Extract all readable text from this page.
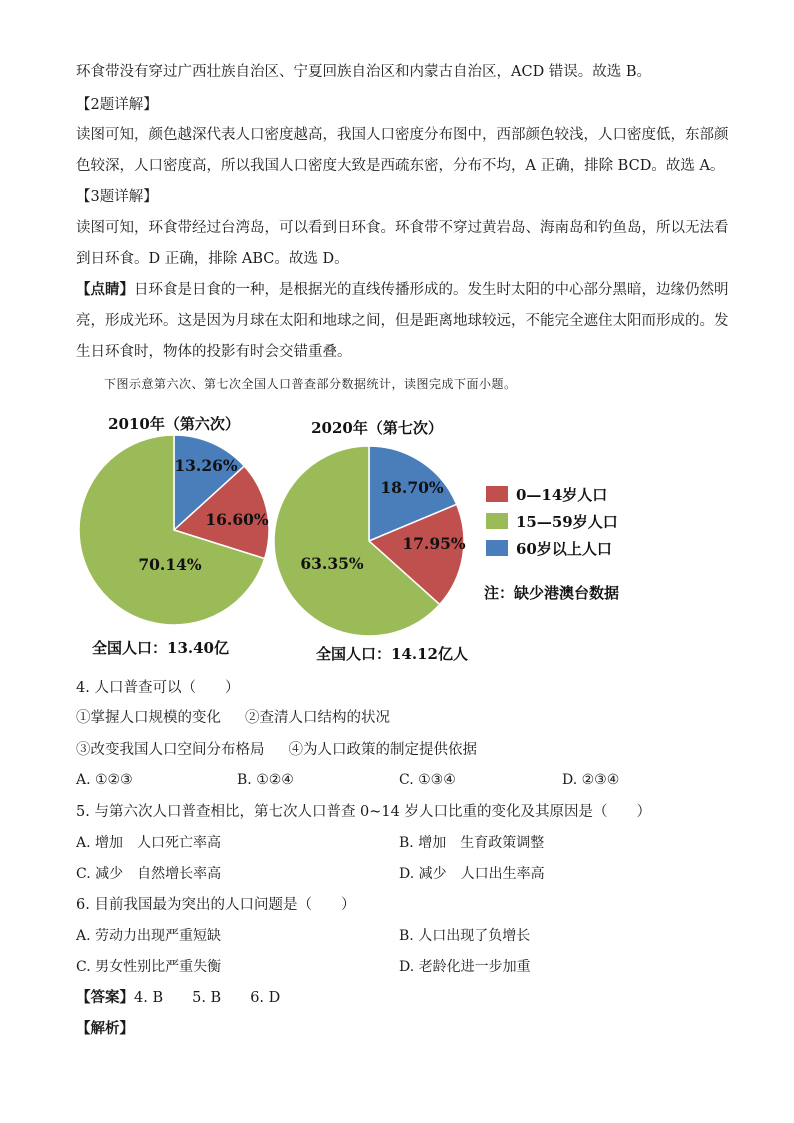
环食带没有穿过广西壮族自治区、宁夏回族自治区和内蒙古自治区，ACD 错误。故选 B。
【2题详解】
读图可知，颜色越深代表人口密度越高，我国人口密度分布图中，西部颜色较浅，人口密度低，东部颜
色较深，人口密度高，所以我国人口密度大致是西疏东密，分布不均，A 正确，排除 BCD。故选 A。
【3题详解】
读图可知，环食带经过台湾岛，可以看到日环食。环食带不穿过黄岩岛、海南岛和钓鱼岛，所以无法看
到日环食。D 正确，排除 ABC。故选 D。
【点睛】日环食是日食的一种，是根据光的直线传播形成的。发生时太阳的中心部分黑暗，边缘仍然明
亮，形成光环。这是因为月球在太阳和地球之间，但是距离地球较远，不能完全遮住太阳而形成的。发
生日环食时，物体的投影有时会交错重叠。
下图示意第六次、第七次全国人口普查部分数据统计，读图完成下面小题。
13.26%
16.60%
70.14%
2010年（第六次）
全国人口：13.40亿
18.70%
17.95%
63.35%
2020年（第七次）
全国人口：14.12亿人
0—14岁人口
15—59岁人口
60岁以上人口
注：缺少港澳台数据
4. 人口普查可以（　　）
①掌握人口规模的变化 ②查清人口结构的状况
③改变我国人口空间分布格局 ④为人口政策的制定提供依据
A. ①②③	B. ①②④	C. ①③④	D. ②③④
5. 与第六次人口普查相比，第七次人口普查 0~14 岁人口比重的变化及其原因是（　　）
A. 增加　人口死亡率高	B. 增加　生育政策调整
C. 减少　自然增长率高	D. 减少　人口出生率高
6. 目前我国最为突出的人口问题是（　　）
A. 劳动力出现严重短缺	B. 人口出现了负增长
C. 男女性别比严重失衡	D. 老龄化进一步加重
【答案】4. B　　5. B　　6. D
【解析】
